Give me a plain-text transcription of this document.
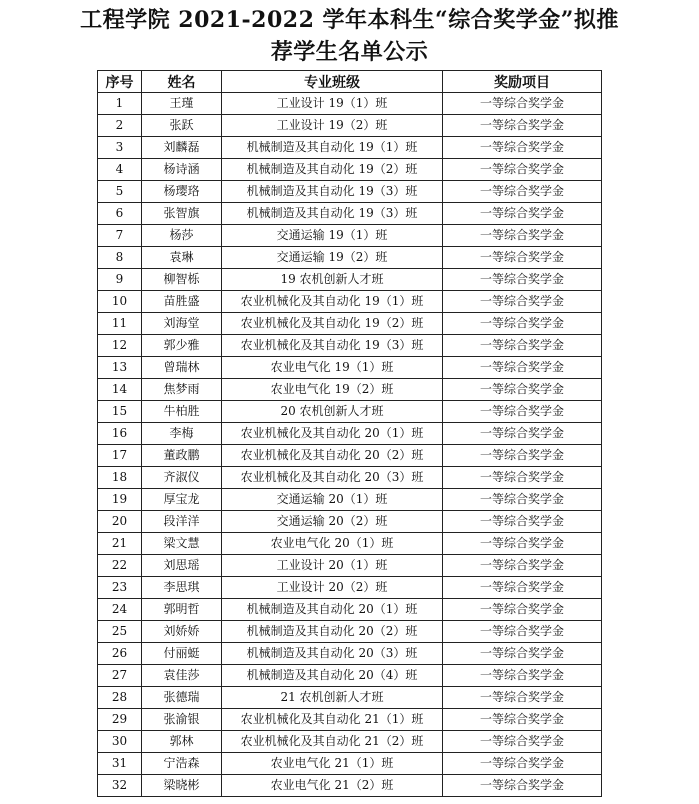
工程学院 2021-2022 学年本科生“综合奖学金”拟推
荐学生名单公示
序号	姓名	专业班级	奖励项目
1	王瑾	工业设计 19（1）班	一等综合奖学金
2	张跃	工业设计 19（2）班	一等综合奖学金
3	刘麟磊	机械制造及其自动化 19（1）班	一等综合奖学金
4	杨诗涵	机械制造及其自动化 19（2）班	一等综合奖学金
5	杨璎珞	机械制造及其自动化 19（3）班	一等综合奖学金
6	张智旗	机械制造及其自动化 19（3）班	一等综合奖学金
7	杨莎	交通运输 19（1）班	一等综合奖学金
8	袁琳	交通运输 19（2）班	一等综合奖学金
9	柳智栎	19 农机创新人才班	一等综合奖学金
10	苗胜盛	农业机械化及其自动化 19（1）班	一等综合奖学金
11	刘海堂	农业机械化及其自动化 19（2）班	一等综合奖学金
12	郭少雅	农业机械化及其自动化 19（3）班	一等综合奖学金
13	曾瑞林	农业电气化 19（1）班	一等综合奖学金
14	焦梦雨	农业电气化 19（2）班	一等综合奖学金
15	牛柏胜	20 农机创新人才班	一等综合奖学金
16	李梅	农业机械化及其自动化 20（1）班	一等综合奖学金
17	董政鹏	农业机械化及其自动化 20（2）班	一等综合奖学金
18	齐淑仪	农业机械化及其自动化 20（3）班	一等综合奖学金
19	厚宝龙	交通运输 20（1）班	一等综合奖学金
20	段洋洋	交通运输 20（2）班	一等综合奖学金
21	梁文慧	农业电气化 20（1）班	一等综合奖学金
22	刘思瑶	工业设计 20（1）班	一等综合奖学金
23	李思琪	工业设计 20（2）班	一等综合奖学金
24	郭明哲	机械制造及其自动化 20（1）班	一等综合奖学金
25	刘娇娇	机械制造及其自动化 20（2）班	一等综合奖学金
26	付丽蜓	机械制造及其自动化 20（3）班	一等综合奖学金
27	袁佳莎	机械制造及其自动化 20（4）班	一等综合奖学金
28	张德瑞	21 农机创新人才班	一等综合奖学金
29	张渝银	农业机械化及其自动化 21（1）班	一等综合奖学金
30	郭林	农业机械化及其自动化 21（2）班	一等综合奖学金
31	宁浩森	农业电气化 21（1）班	一等综合奖学金
32	梁晓彬	农业电气化 21（2）班	一等综合奖学金
